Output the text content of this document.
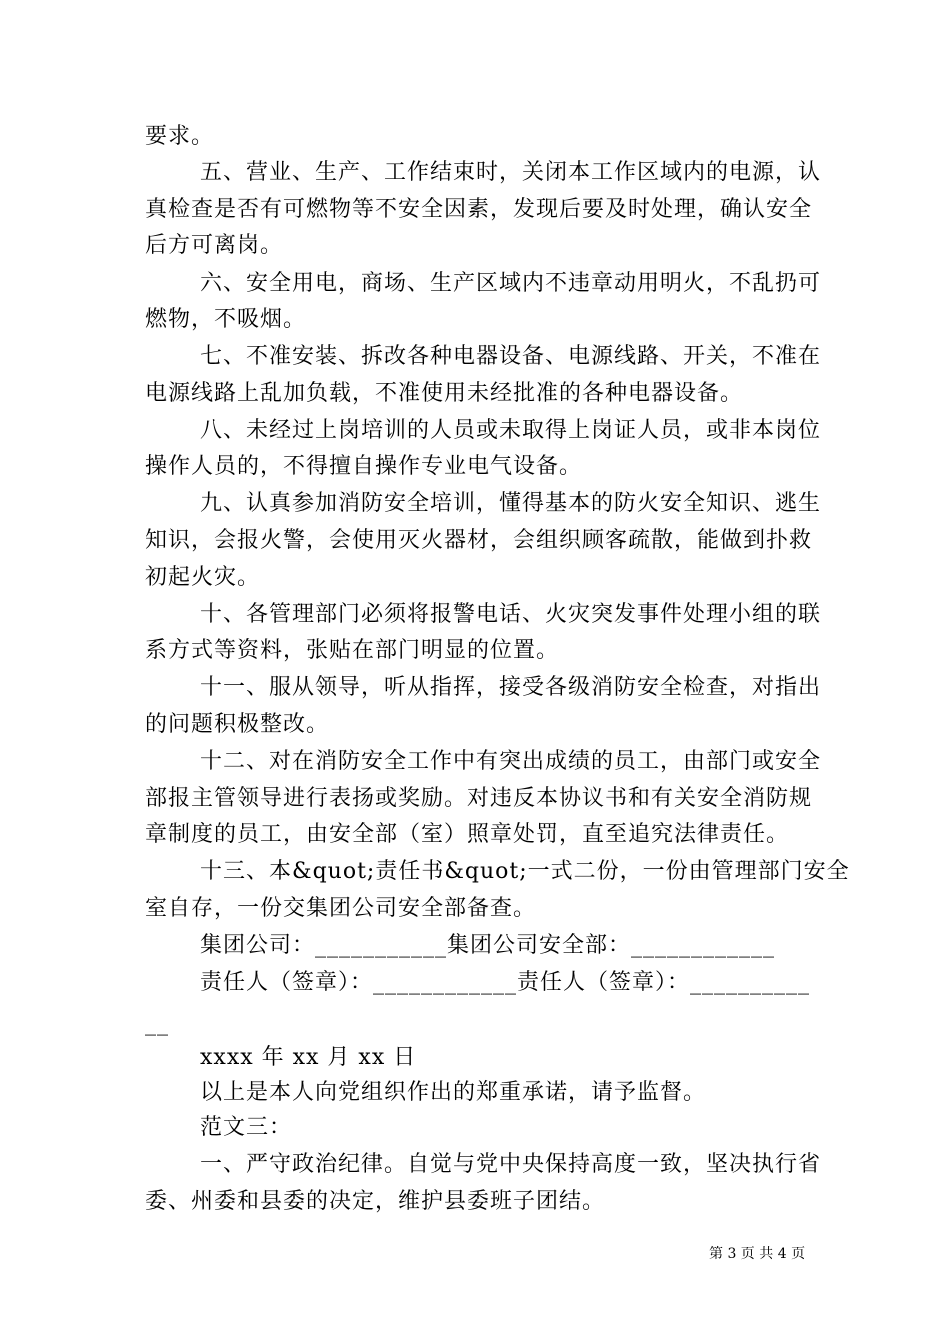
要求。
五、营业、生产、工作结束时，关闭本工作区域内的电源，认
真检查是否有可燃物等不安全因素，发现后要及时处理，确认安全
后方可离岗。
六、安全用电，商场、生产区域内不违章动用明火，不乱扔可
燃物，不吸烟。
七、不准安装、拆改各种电器设备、电源线路、开关，不准在
电源线路上乱加负载，不准使用未经批准的各种电器设备。
八、未经过上岗培训的人员或未取得上岗证人员，或非本岗位
操作人员的，不得擅自操作专业电气设备。
九、认真参加消防安全培训，懂得基本的防火安全知识、逃生
知识，会报火警，会使用灭火器材，会组织顾客疏散，能做到扑救
初起火灾。
十、各管理部门必须将报警电话、火灾突发事件处理小组的联
系方式等资料，张贴在部门明显的位置。
十一、服从领导，听从指挥，接受各级消防安全检查，对指出
的问题积极整改。
十二、对在消防安全工作中有突出成绩的员工，由部门或安全
部报主管领导进行表扬或奖励。对违反本协议书和有关安全消防规
章制度的员工，由安全部（室）照章处罚，直至追究法律责任。
十三、本&quot;责任书&quot;一式二份，一份由管理部门安全
室自存，一份交集团公司安全部备查。
集团公司：___________集团公司安全部：____________
责任人（签章）：____________责任人（签章）：__________
__
xxxx 年 xx 月 xx 日
以上是本人向党组织作出的郑重承诺，请予监督。
范文三：
一、严守政治纪律。自觉与党中央保持高度一致，坚决执行省
委、州委和县委的决定，维护县委班子团结。
第 3 页 共 4 页
